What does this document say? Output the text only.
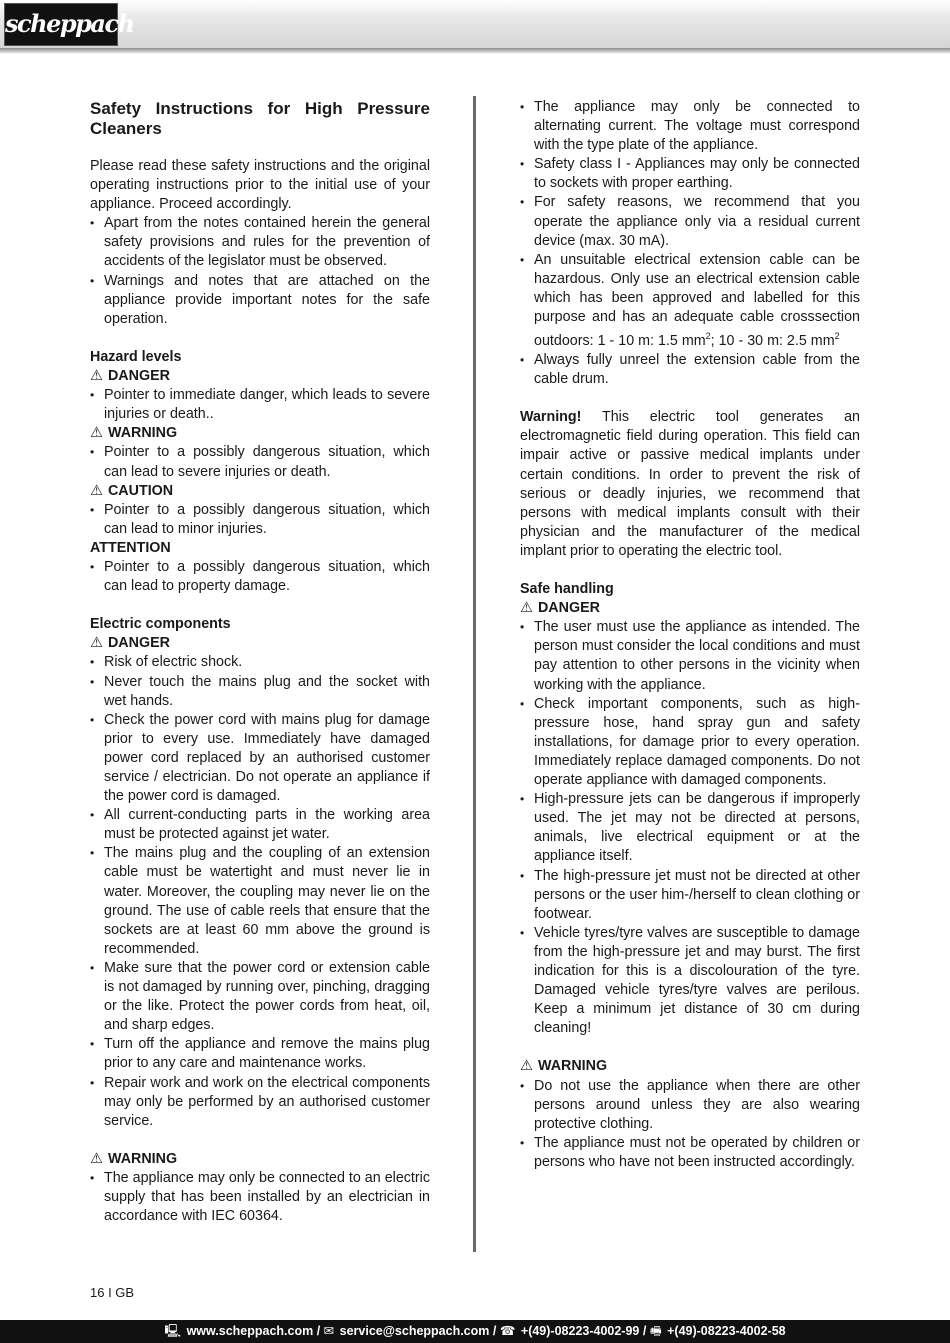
scheppach
Safety Instructions for High Pressure Cleaners

Please read these safety instructions and the original operating instructions prior to the initial use of your appliance. Proceed accordingly.

• Apart from the notes contained herein the general safety provisions and rules for the prevention of accidents of the legislator must be observed.
• Warnings and notes that are attached on the appliance provide important notes for the safe operation.

Hazard levels

⚠ DANGER

• Pointer to immediate danger, which leads to severe injuries or death..

⚠ WARNING

• Pointer to a possibly dangerous situation, which can lead to severe injuries or death.

⚠ CAUTION

• Pointer to a possibly dangerous situation, which can lead to minor injuries.

ATTENTION

• Pointer to a possibly dangerous situation, which can lead to property damage.

Electric components

⚠ DANGER

• Risk of electric shock.
• Never touch the mains plug and the socket with wet hands.
• Check the power cord with mains plug for damage prior to every use. Immediately have damaged power cord replaced by an authorised customer service / electrician. Do not operate an appliance if the power cord is damaged.
• All current-conducting parts in the working area must be protected against jet water.
• The mains plug and the coupling of an extension cable must be watertight and must never lie in water. Moreover, the coupling may never lie on the ground. The use of cable reels that ensure that the sockets are at least 60 mm above the ground is recommended.
• Make sure that the power cord or extension cable is not damaged by running over, pinching, dragging or the like. Protect the power cords from heat, oil, and sharp edges.
• Turn off the appliance and remove the mains plug prior to any care and maintenance works.
• Repair work and work on the electrical components may only be performed by an authorised customer service.

⚠ WARNING

• The appliance may only be connected to an electric supply that has been installed by an electrician in accordance with IEC 60364.
• The appliance may only be connected to alternating current. The voltage must correspond with the type plate of the appliance.
• Safety class I - Appliances may only be connected to sockets with proper earthing.
• For safety reasons, we recommend that you operate the appliance only via a residual current device (max. 30 mA).
• An unsuitable electrical extension cable can be hazardous. Only use an electrical extension cable which has been approved and labelled for this purpose and has an adequate cable crosssection outdoors: 1 - 10 m: 1.5 $mm^2$; 10 - 30 m: 2.5 $mm^2$
• Always fully unreel the extension cable from the cable drum.

Warning! This electric tool generates an electromagnetic field during operation. This field can impair active or passive medical implants under certain conditions. In order to prevent the risk of serious or deadly injuries, we recommend that persons with medical implants consult with their physician and the manufacturer of the medical implant prior to operating the electric tool.

Safe handling

⚠ DANGER

• The user must use the appliance as intended. The person must consider the local conditions and must pay attention to other persons in the vicinity when working with the appliance.
• Check important components, such as high-pressure hose, hand spray gun and safety installations, for damage prior to every operation. Immediately replace damaged components. Do not operate appliance with damaged components.
• High-pressure jets can be dangerous if improperly used. The jet may not be directed at persons, animals, live electrical equipment or at the appliance itself.
• The high-pressure jet must not be directed at other persons or the user him-/herself to clean clothing or footwear.
• Vehicle tyres/tyre valves are susceptible to damage from the high-pressure jet and may burst. The first indication for this is a discolouration of the tyre. Damaged vehicle tyres/tyre valves are perilous. Keep a minimum jet distance of 30 cm during cleaning!

⚠ WARNING

• Do not use the appliance when there are other persons around unless they are also wearing protective clothing.
• The appliance must not be operated by children or persons who have not been instructed accordingly.
16 I GB
🖳 www.scheppach.com / ✉ service@scheppach.com / ☎ +(49)-08223-4002-99 / 🖷 +(49)-08223-4002-58
